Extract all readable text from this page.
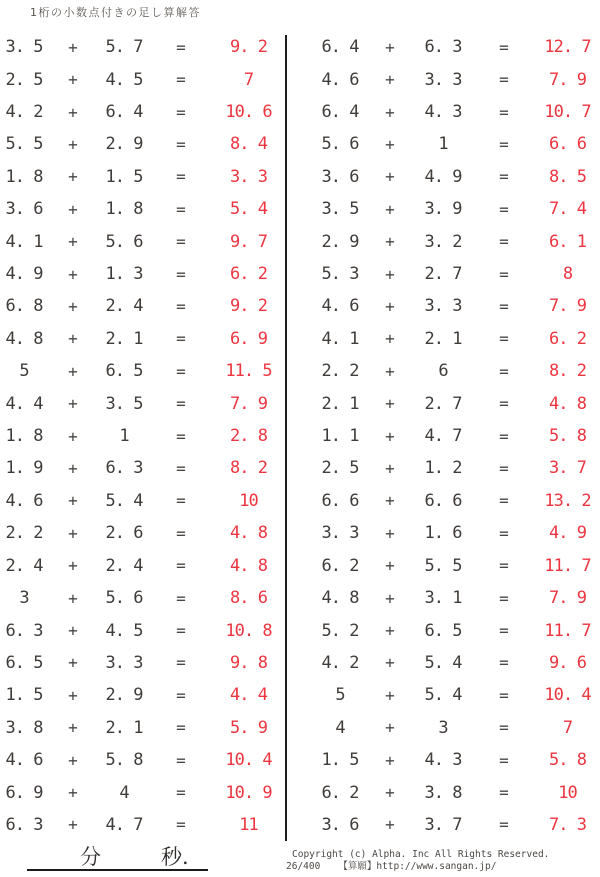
1桁の小数点付きの足し算解答
3. 5	+	5. 7	=	9. 2
2. 5	+	4. 5	=	7
4. 2	+	6. 4	=	10. 6
5. 5	+	2. 9	=	8. 4
1. 8	+	1. 5	=	3. 3
3. 6	+	1. 8	=	5. 4
4. 1	+	5. 6	=	9. 7
4. 9	+	1. 3	=	6. 2
6. 8	+	2. 4	=	9. 2
4. 8	+	2. 1	=	6. 9
5	+	6. 5	=	11. 5
4. 4	+	3. 5	=	7. 9
1. 8	+	1	=	2. 8
1. 9	+	6. 3	=	8. 2
4. 6	+	5. 4	=	10
2. 2	+	2. 6	=	4. 8
2. 4	+	2. 4	=	4. 8
3	+	5. 6	=	8. 6
6. 3	+	4. 5	=	10. 8
6. 5	+	3. 3	=	9. 8
1. 5	+	2. 9	=	4. 4
3. 8	+	2. 1	=	5. 9
4. 6	+	5. 8	=	10. 4
6. 9	+	4	=	10. 9
6. 3	+	4. 7	=	11
6. 4	+	6. 3	=	12. 7
4. 6	+	3. 3	=	7. 9
6. 4	+	4. 3	=	10. 7
5. 6	+	1	=	6. 6
3. 6	+	4. 9	=	8. 5
3. 5	+	3. 9	=	7. 4
2. 9	+	3. 2	=	6. 1
5. 3	+	2. 7	=	8
4. 6	+	3. 3	=	7. 9
4. 1	+	2. 1	=	6. 2
2. 2	+	6	=	8. 2
2. 1	+	2. 7	=	4. 8
1. 1	+	4. 7	=	5. 8
2. 5	+	1. 2	=	3. 7
6. 6	+	6. 6	=	13. 2
3. 3	+	1. 6	=	4. 9
6. 2	+	5. 5	=	11. 7
4. 8	+	3. 1	=	7. 9
5. 2	+	6. 5	=	11. 7
4. 2	+	5. 4	=	9. 6
5	+	5. 4	=	10. 4
4	+	3	=	7
1. 5	+	4. 3	=	5. 8
6. 2	+	3. 8	=	10
3. 6	+	3. 7	=	7. 3
分	秒.	Copyright (c) Alpha. Inc All Rights Reserved.
26/400 【算願】http://www.sangan.jp/
